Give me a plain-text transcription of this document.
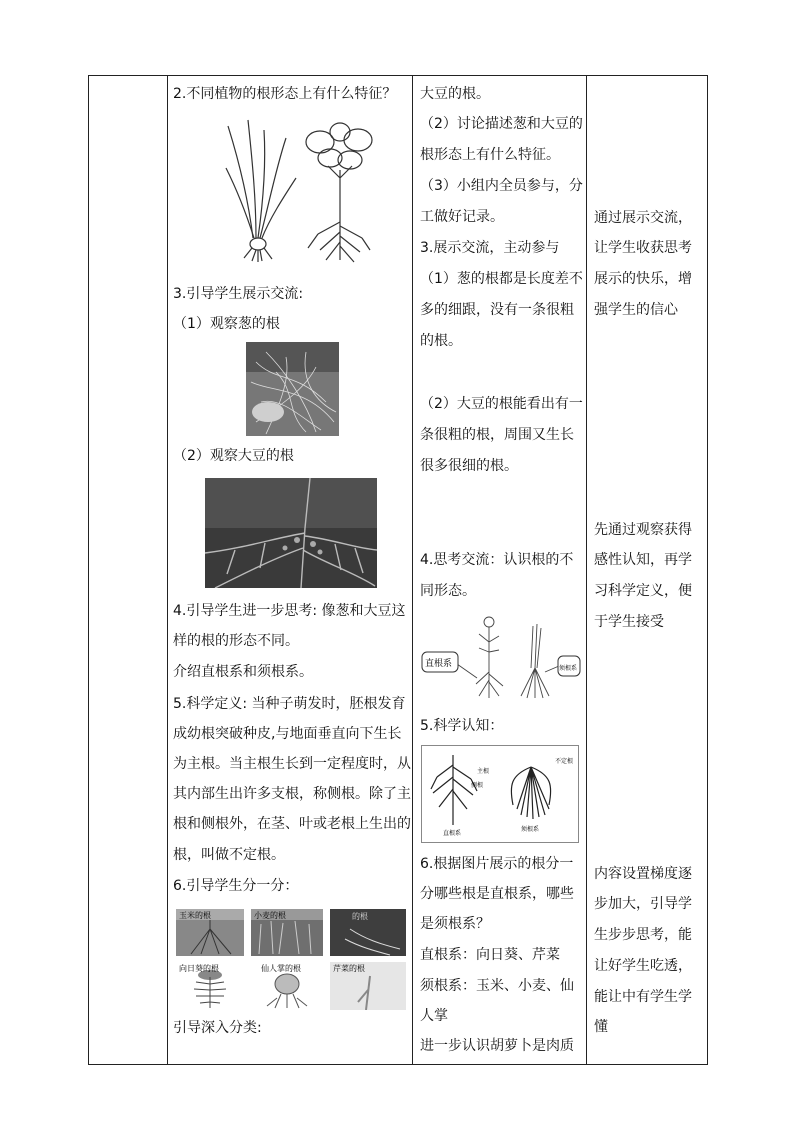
2.不同植物的根形态上有什么特征？
3.引导学生展示交流:
（1）观察葱的根
（2）观察大豆的根
4.引导学生进一步思考: 像葱和大豆这
样的根的形态不同。
介绍直根系和须根系。
5.科学定义: 当种子萌发时，胚根发育
成幼根突破种皮,与地面垂直向下生长
为主根。当主根生长到一定程度时，从
其内部生出许多支根，称侧根。除了主
根和侧根外，在茎、叶或老根上生出的
根，叫做不定根。
6.引导学生分一分：
玉米的根	小麦的根	的根
向日葵的根	仙人掌的根	芹菜的根
引导深入分类:

大豆的根。
（2）讨论描述葱和大豆的
根形态上有什么特征。
（3）小组内全员参与，分
工做好记录。
3.展示交流，主动参与
（1）葱的根都是长度差不
多的细跟，没有一条很粗
的根。
（2）大豆的根能看出有一
条很粗的根，周围又生长
很多很细的根。
4.思考交流：认识根的不
同形态。
直根系	须根系
5.科学认知：
主根
侧根
不定根
直根系
须根系
6.根据图片展示的根分一
分哪些根是直根系，哪些
是须根系？
直根系：向日葵、芹菜
须根系：玉米、小麦、仙
人掌
进一步认识胡萝卜是肉质

通过展示交流，
让学生收获思考
展示的快乐，增
强学生的信心
先通过观察获得
感性认知，再学
习科学定义，便
于学生接受
内容设置梯度逐
步加大，引导学
生步步思考，能
让好学生吃透，
能让中有学生学
懂
